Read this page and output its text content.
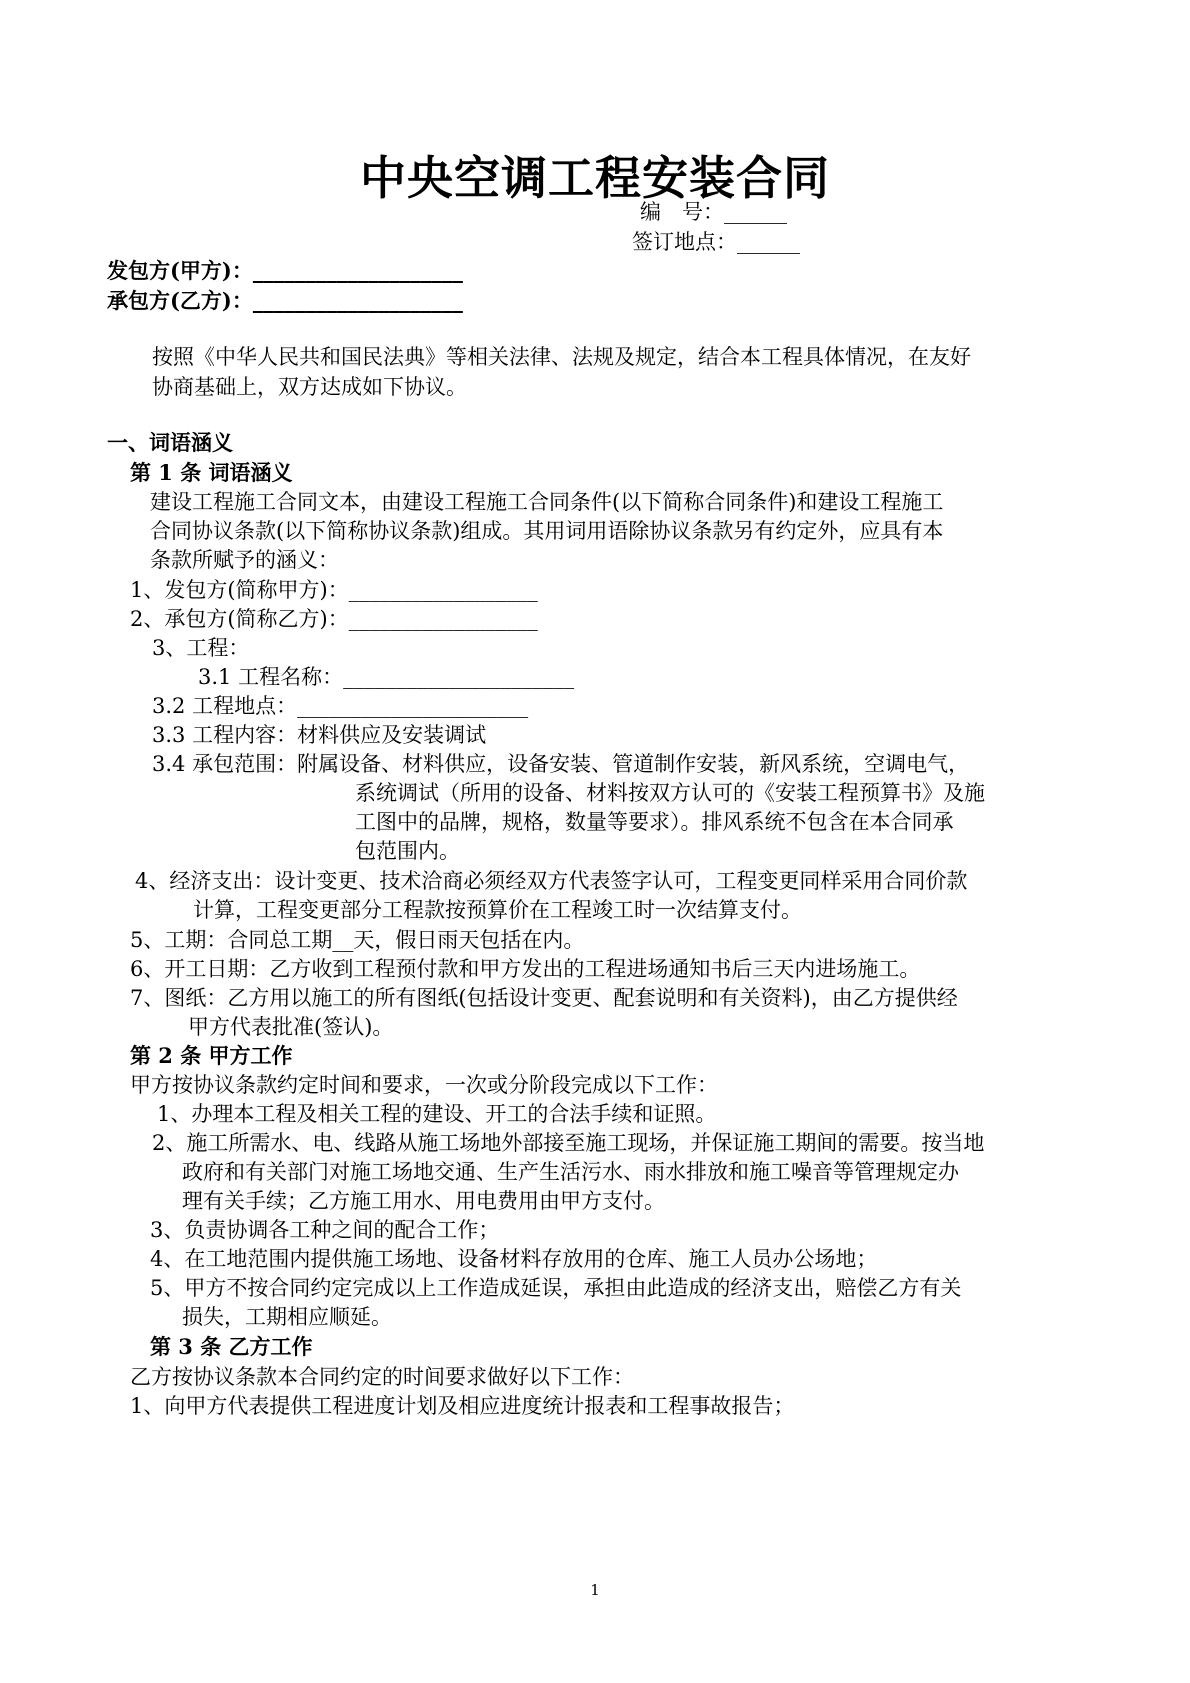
中央空调工程安装合同
编　号：______
签订地点：______
发包方(甲方)：____________________
承包方(乙方)：____________________
按照《中华人民共和国民法典》等相关法律、法规及规定，结合本工程具体情况，在友好
协商基础上，双方达成如下协议。
一、词语涵义
第 1 条 词语涵义
建设工程施工合同文本，由建设工程施工合同条件(以下简称合同条件)和建设工程施工
合同协议条款(以下简称协议条款)组成。其用词用语除协议条款另有约定外，应具有本
条款所赋予的涵义：
1、发包方(简称甲方)：__________________
2、承包方(简称乙方)：__________________
3、工程：
3.1 工程名称：______________________
3.2 工程地点：______________________
3.3 工程内容：材料供应及安装调试
3.4 承包范围：附属设备、材料供应，设备安装、管道制作安装，新风系统，空调电气，
系统调试（所用的设备、材料按双方认可的《安装工程预算书》及施
工图中的品牌，规格，数量等要求）。排风系统不包含在本合同承
包范围内。
4、经济支出：设计变更、技术洽商必须经双方代表签字认可，工程变更同样采用合同价款
计算，工程变更部分工程款按预算价在工程竣工时一次结算支付。
5、工期：合同总工期__天，假日雨天包括在内。
6、开工日期：乙方收到工程预付款和甲方发出的工程进场通知书后三天内进场施工。
7、图纸：乙方用以施工的所有图纸(包括设计变更、配套说明和有关资料)，由乙方提供经
甲方代表批准(签认)。
第 2 条 甲方工作
甲方按协议条款约定时间和要求，一次或分阶段完成以下工作：
1、办理本工程及相关工程的建设、开工的合法手续和证照。
2、施工所需水、电、线路从施工场地外部接至施工现场，并保证施工期间的需要。按当地
政府和有关部门对施工场地交通、生产生活污水、雨水排放和施工噪音等管理规定办
理有关手续；乙方施工用水、用电费用由甲方支付。
3、负责协调各工种之间的配合工作；
4、在工地范围内提供施工场地、设备材料存放用的仓库、施工人员办公场地；
5、甲方不按合同约定完成以上工作造成延误，承担由此造成的经济支出，赔偿乙方有关
损失，工期相应顺延。
第 3 条 乙方工作
乙方按协议条款本合同约定的时间要求做好以下工作：
1、向甲方代表提供工程进度计划及相应进度统计报表和工程事故报告；
1
